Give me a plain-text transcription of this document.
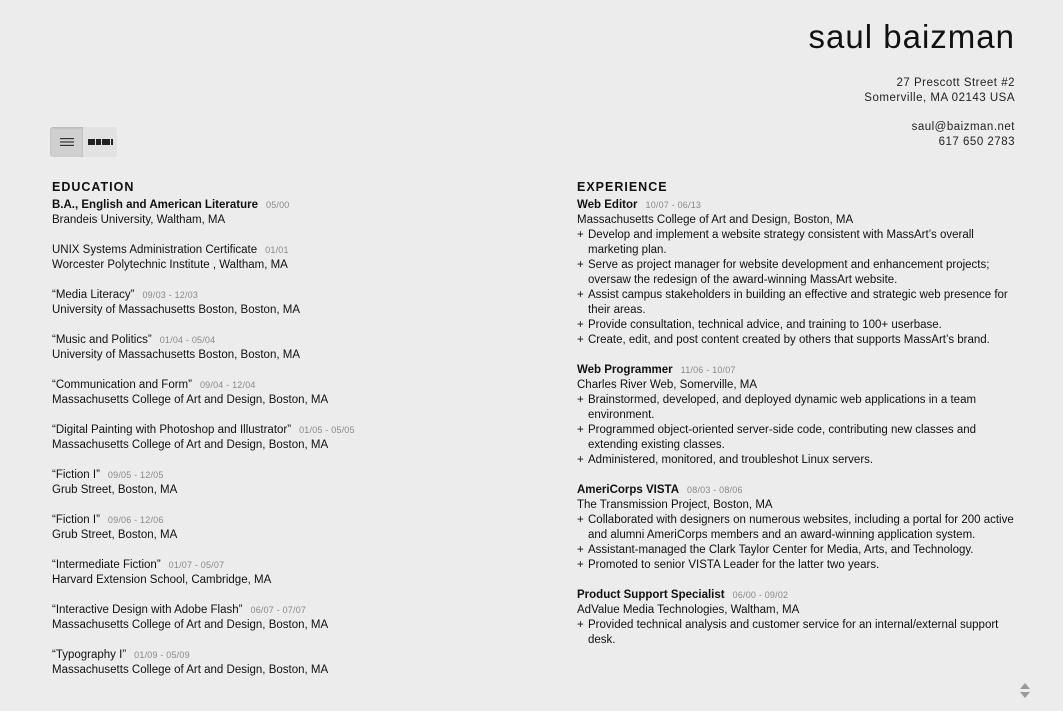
saul baizman
27 Prescott Street #2
Somerville, MA 02143 USA
saul@baizman.net
617 650 2783
EDUCATION
B.A., English and American Literature 05/00
Brandeis University, Waltham, MA
UNIX Systems Administration Certificate 01/01
Worcester Polytechnic Institute , Waltham, MA
“Media Literacy” 09/03 - 12/03
University of Massachusetts Boston, Boston, MA
“Music and Politics” 01/04 - 05/04
University of Massachusetts Boston, Boston, MA
“Communication and Form” 09/04 - 12/04
Massachusetts College of Art and Design, Boston, MA
“Digital Painting with Photoshop and Illustrator” 01/05 - 05/05
Massachusetts College of Art and Design, Boston, MA
“Fiction I” 09/05 - 12/05
Grub Street, Boston, MA
“Fiction I” 09/06 - 12/06
Grub Street, Boston, MA
“Intermediate Fiction” 01/07 - 05/07
Harvard Extension School, Cambridge, MA
“Interactive Design with Adobe Flash” 06/07 - 07/07
Massachusetts College of Art and Design, Boston, MA
“Typography I” 01/09 - 05/09
Massachusetts College of Art and Design, Boston, MA
EXPERIENCE
Web Editor 10/07 - 06/13
Massachusetts College of Art and Design, Boston, MA
+ Develop and implement a website strategy consistent with MassArt’s overall marketing plan.
+ Serve as project manager for website development and enhancement projects; oversaw the redesign of the award-winning MassArt website.
+ Assist campus stakeholders in building an effective and strategic web presence for their areas.
+ Provide consultation, technical advice, and training to 100+ userbase.
+ Create, edit, and post content created by others that supports MassArt’s brand.
Web Programmer 11/06 - 10/07
Charles River Web, Somerville, MA
+ Brainstormed, developed, and deployed dynamic web applications in a team environment.
+ Programmed object-oriented server-side code, contributing new classes and extending existing classes.
+ Administered, monitored, and troubleshot Linux servers.
AmeriCorps VISTA 08/03 - 08/06
The Transmission Project, Boston, MA
+ Collaborated with designers on numerous websites, including a portal for 200 active and alumni AmeriCorps members and an award-winning application system.
+ Assistant-managed the Clark Taylor Center for Media, Arts, and Technology.
+ Promoted to senior VISTA Leader for the latter two years.
Product Support Specialist 06/00 - 09/02
AdValue Media Technologies, Waltham, MA
+ Provided technical analysis and customer service for an internal/external support desk.
